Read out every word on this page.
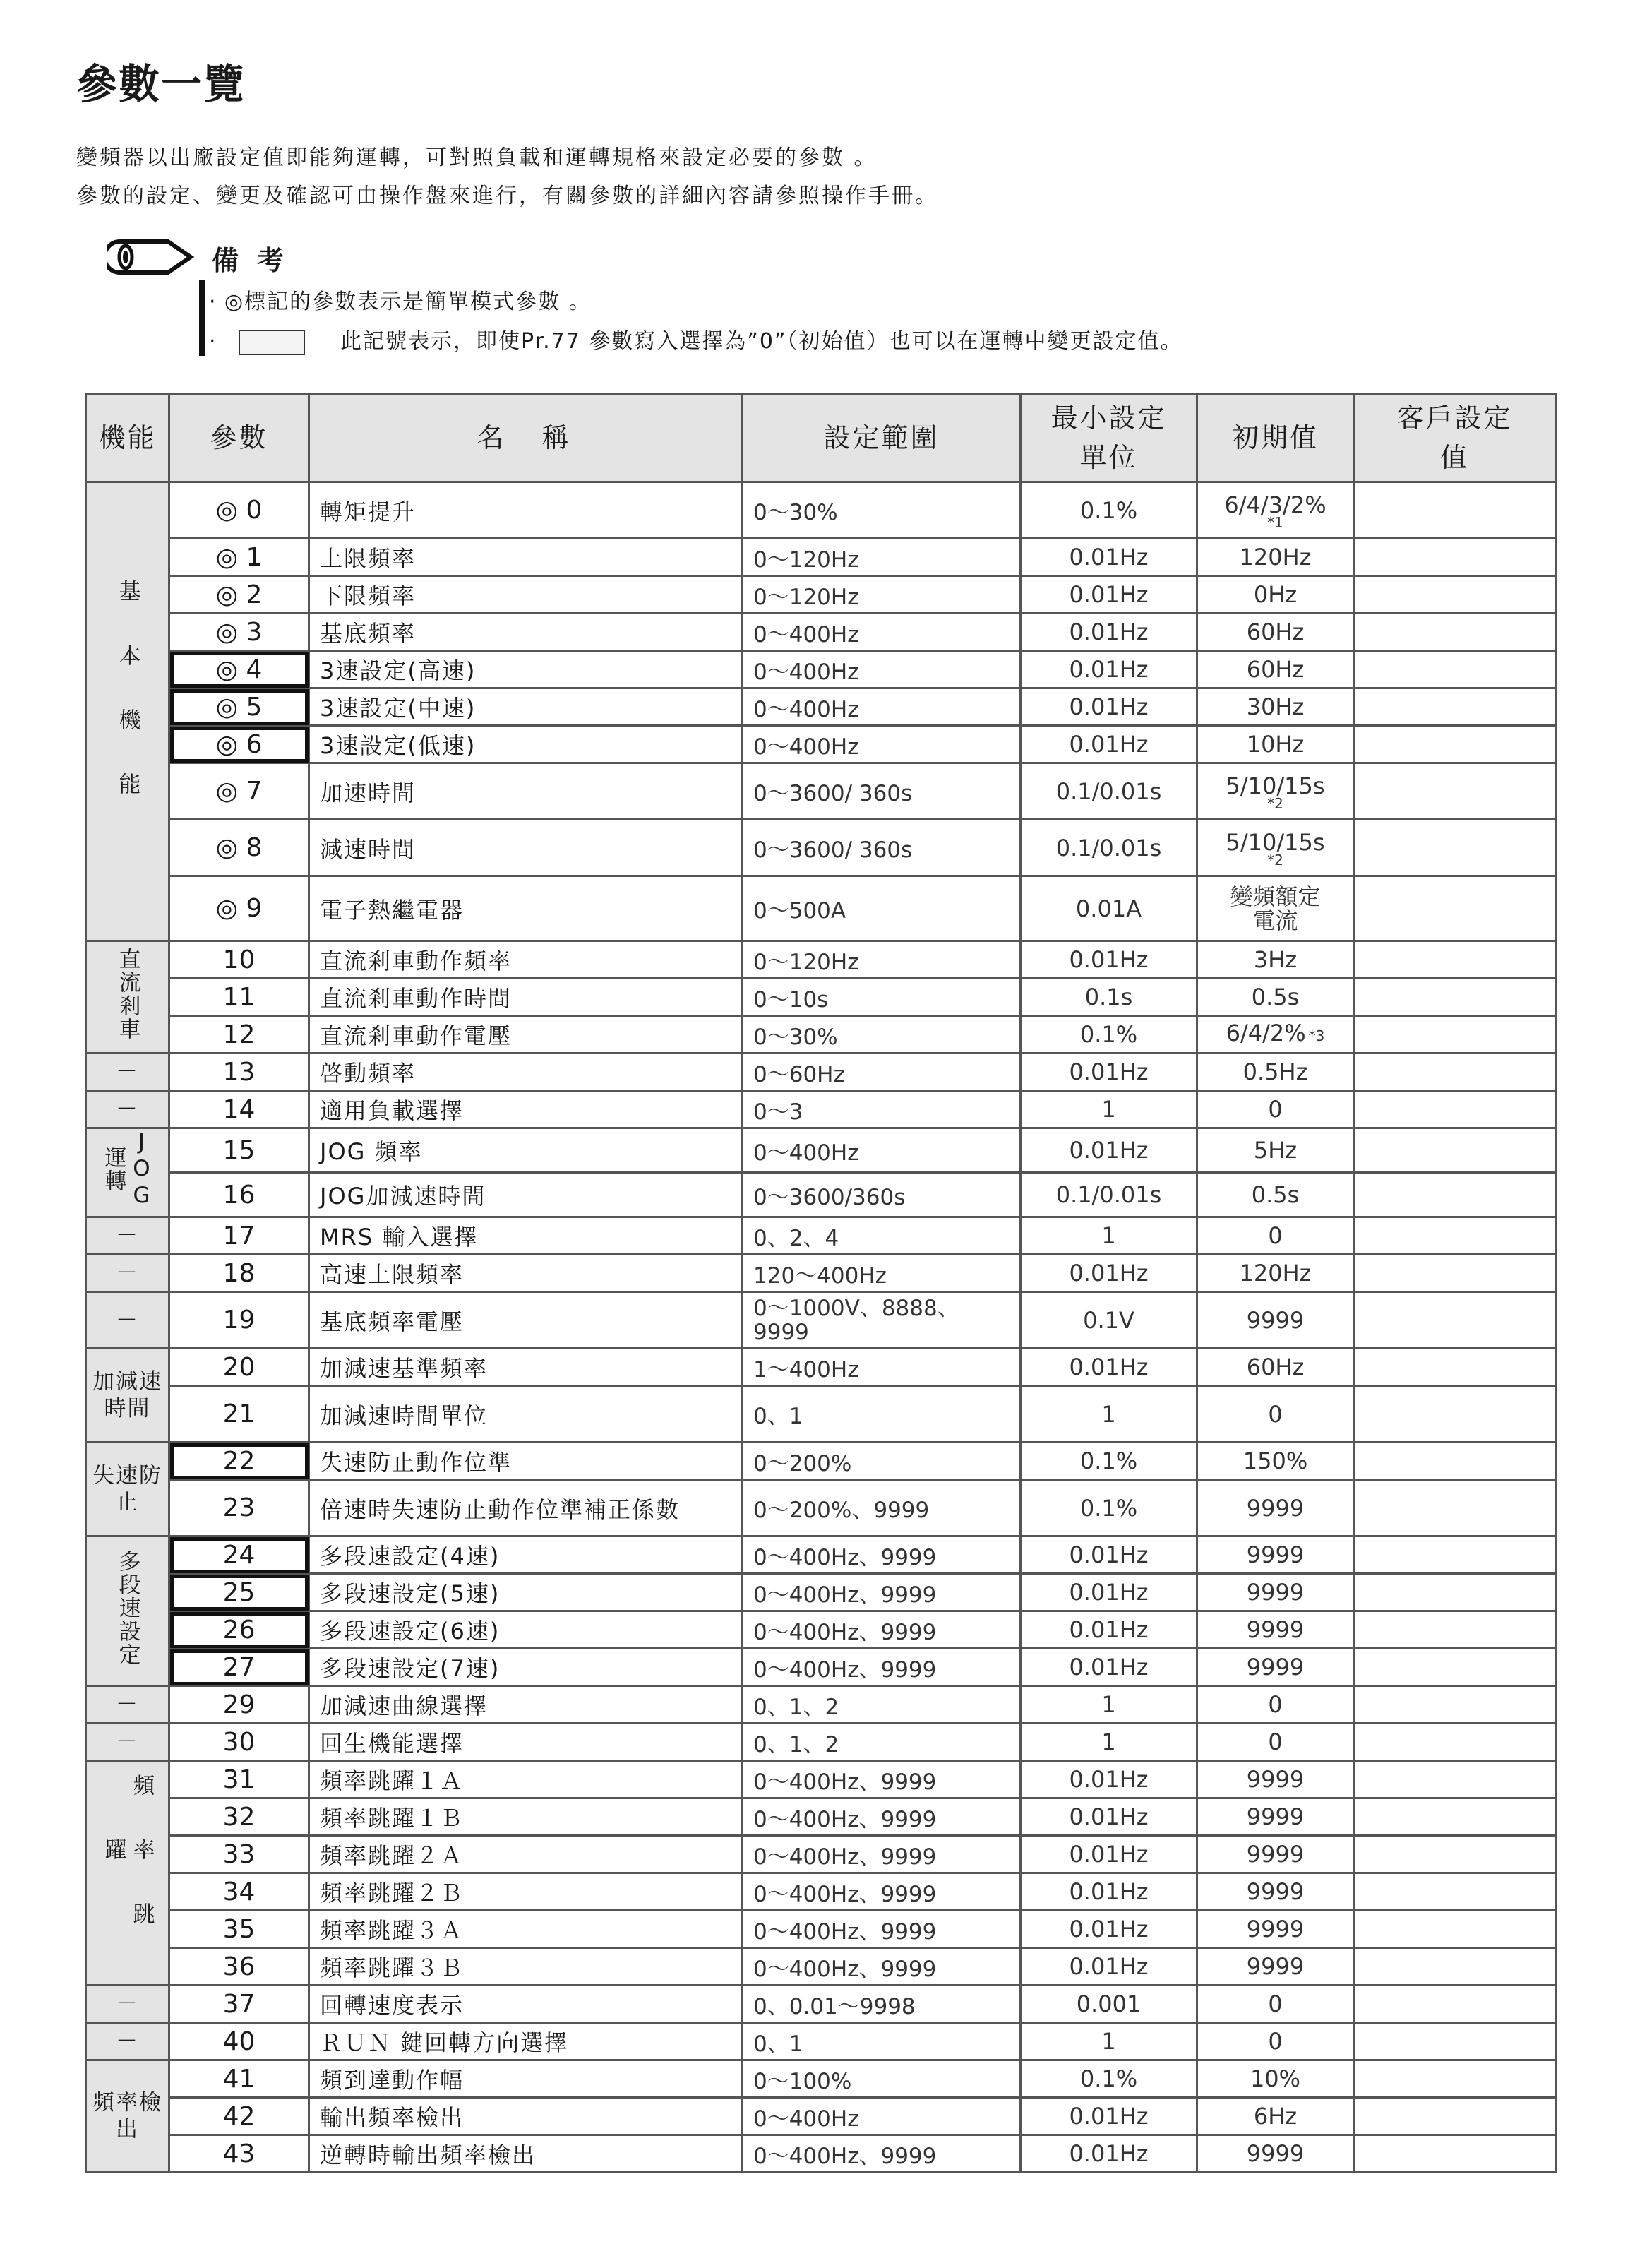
參數一覽
變頻器以出廠設定值即能夠運轉，可對照負載和運轉規格來設定必要的參數 。
參數的設定、變更及確認可由操作盤來進行，有關參數的詳細內容請參照操作手冊。
備考
· ◎標記的參數表示是簡單模式參數 。
·	此記號表示，即使Pr.77 參數寫入選擇為”0”（初始值）也可以在運轉中變更設定值。
機能	參數	名　稱	設定範圍	最小設定單位	初期值	客戶設定值
基本機能	◎ 0	轉矩提升	0～30%	0.1%	6/4/3/2%
*1	

	◎ 1	上限頻率	0～120Hz	0.01Hz	120Hz	
	◎ 2	下限頻率	0～120Hz	0.01Hz	0Hz	
	◎ 3	基底頻率	0～400Hz	0.01Hz	60Hz	
	◎ 4	3速設定(高速)	0～400Hz	0.01Hz	60Hz	
	◎ 5	3速設定(中速)	0～400Hz	0.01Hz	30Hz	
	◎ 6	3速設定(低速)	0～400Hz	0.01Hz	10Hz	
	◎ 7	加速時間	0～3600/ 360s	0.1/0.01s	5/10/15s
*2	

	◎ 8	減速時間	0～3600/ 360s	0.1/0.01s	5/10/15s
*2	

	◎ 9	電子熱繼電器	0～500A	0.01A	變頻額定
電流	
直流剎車	10	直流剎車動作頻率	0～120Hz	0.01Hz	3Hz	
	11	直流剎車動作時間	0～10s	0.1s	0.5s	
	12	直流剎車動作電壓	0～30%	0.1%	6/4/2% *3	
－	13	啓動頻率	0～60Hz	0.01Hz	0.5Hz	
－	14	適用負載選擇	0～3	1	0	
JOG運轉	15	JOG 頻率	0～400Hz	0.01Hz	5Hz	
	16	JOG加減速時間	0～3600/360s	0.1/0.01s	0.5s	
－	17	MRS 輸入選擇	0、2、4	1	0	
－	18	高速上限頻率	120～400Hz	0.01Hz	120Hz	
－	19	基底頻率電壓	0～1000V、8888、
9999	0.1V	9999	
加減速時間	20	加減速基準頻率	1～400Hz	0.01Hz	60Hz	
	21	加減速時間單位	0、1	1	0	
失速防止	22	失速防止動作位準	0～200%	0.1%	150%	
	23	倍速時失速防止動作位準補正係數	0～200%、9999	0.1%	9999	
多段速設定	24	多段速設定(4速)	0～400Hz、9999	0.01Hz	9999	
	25	多段速設定(5速)	0～400Hz、9999	0.01Hz	9999	
	26	多段速設定(6速)	0～400Hz、9999	0.01Hz	9999	
	27	多段速設定(7速)	0～400Hz、9999	0.01Hz	9999	
－	29	加減速曲線選擇	0、1、2	1	0	
－	30	回生機能選擇	0、1、2	1	0	
頻率跳躍	31	頻率跳躍１Ａ	0～400Hz、9999	0.01Hz	9999	
	32	頻率跳躍１Ｂ	0～400Hz、9999	0.01Hz	9999	
	33	頻率跳躍２Ａ	0～400Hz、9999	0.01Hz	9999	
	34	頻率跳躍２Ｂ	0～400Hz、9999	0.01Hz	9999	
	35	頻率跳躍３Ａ	0～400Hz、9999	0.01Hz	9999	
	36	頻率跳躍３Ｂ	0～400Hz、9999	0.01Hz	9999	
－	37	回轉速度表示	0、0.01～9998	0.001	0	
－	40	ＲＵＮ 鍵回轉方向選擇	0、1	1	0	
頻率檢出	41	頻到達動作幅	0～100%	0.1%	10%	
	42	輸出頻率檢出	0～400Hz	0.01Hz	6Hz	
	43	逆轉時輸出頻率檢出	0～400Hz、9999	0.01Hz	9999	
